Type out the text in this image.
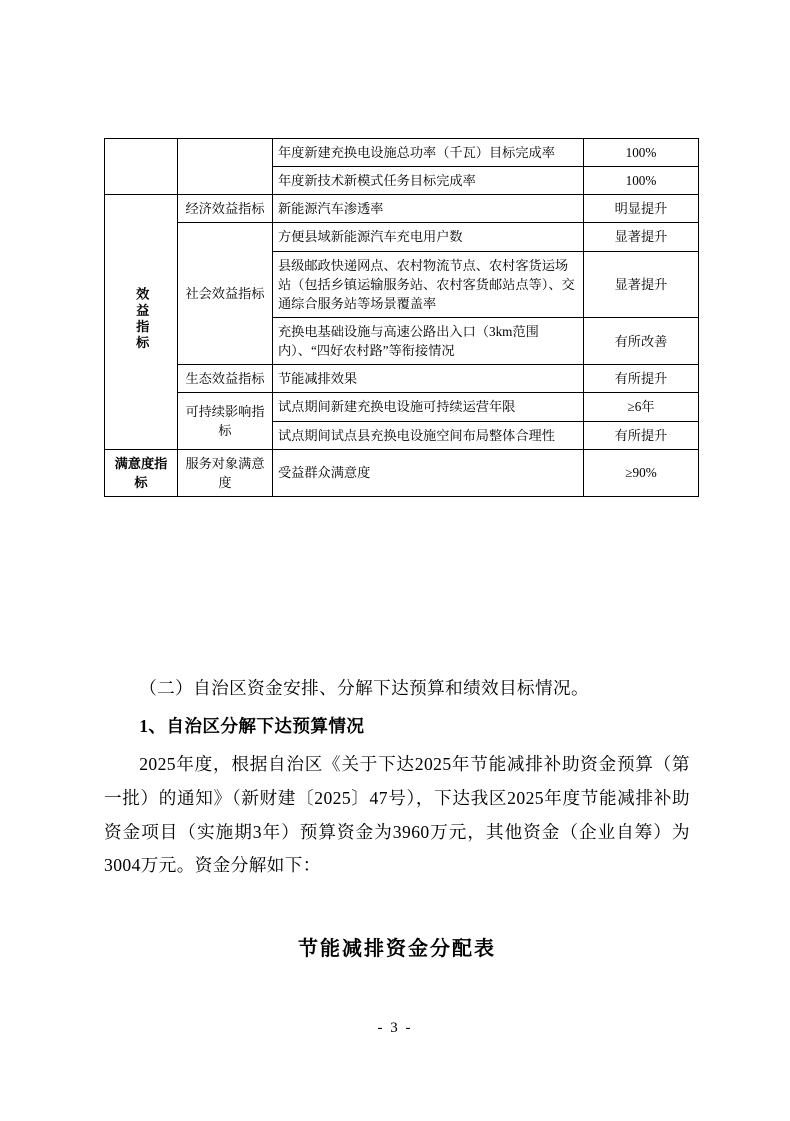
		年度新建充换电设施总功率（千瓦）目标完成率	100%
		年度新技术新模式任务目标完成率	100%
效益指标	经济效益指标	新能源汽车渗透率	明显提升
	社会效益指标	方便县域新能源汽车充电用户数	显著提升
		县级邮政快递网点、农村物流节点、农村客货运场站（包括乡镇运输服务站、农村客货邮站点等）、交通综合服务站等场景覆盖率	显著提升
		充换电基础设施与高速公路出入口（3km范围内）、“四好农村路”等衔接情况	有所改善
	生态效益指标	节能减排效果	有所提升
	可持续影响指标	试点期间新建充换电设施可持续运营年限	≥6年
		试点期间试点县充换电设施空间布局整体合理性	有所提升
满意度指标	服务对象满意度	受益群众满意度	≥90%
（二）自治区资金安排、分解下达预算和绩效目标情况。
1、自治区分解下达预算情况
2025年度，根据自治区《关于下达2025年节能减排补助资金预算（第一批）的通知》（新财建〔2025〕47号），下达我区2025年度节能减排补助资金项目（实施期3年）预算资金为3960万元，其他资金（企业自筹）为3004万元。资金分解如下：
节能减排资金分配表
- 3 -
